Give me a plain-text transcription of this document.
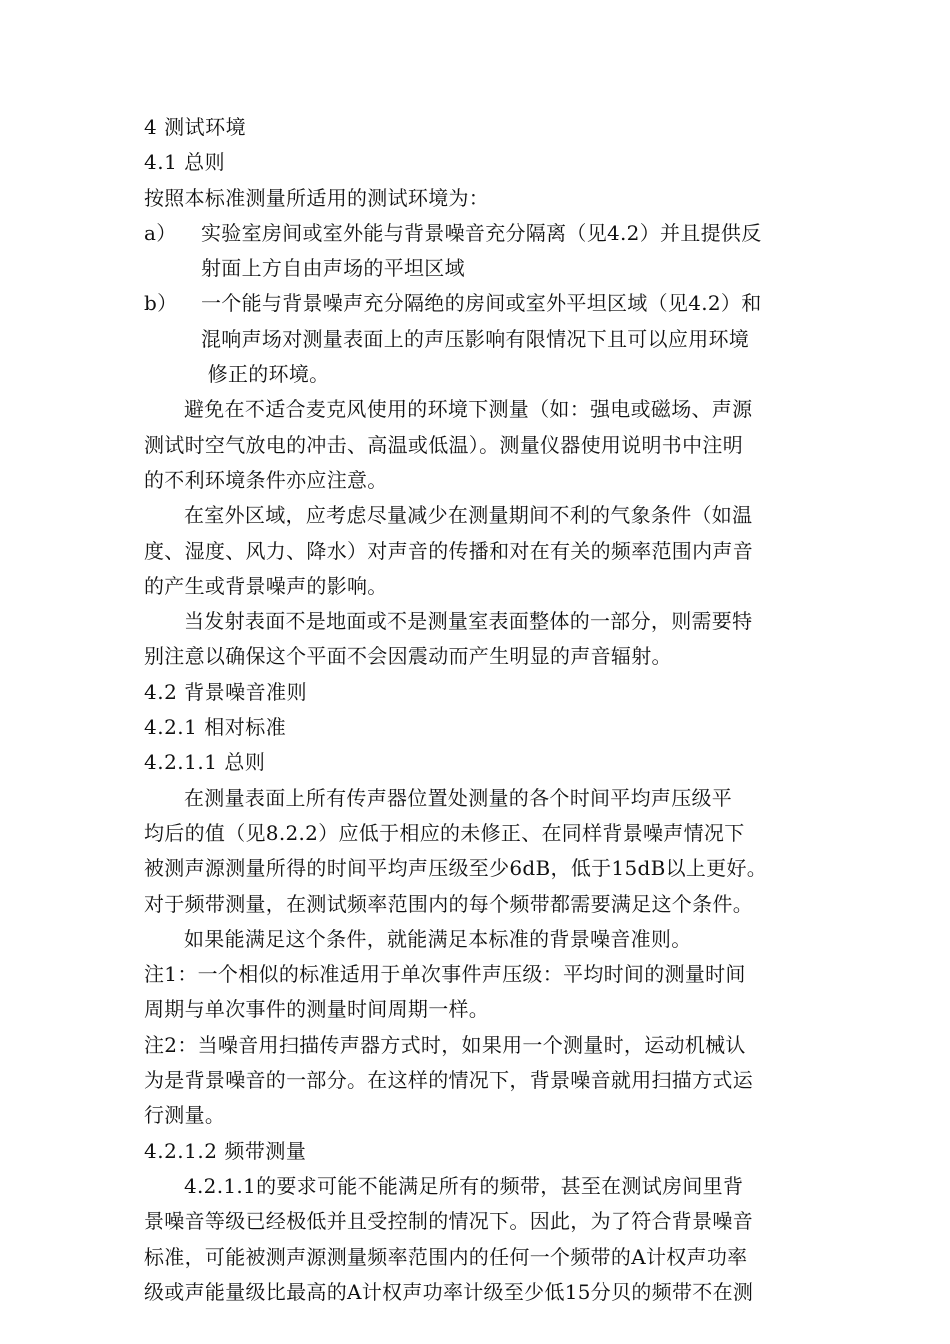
4 测试环境
4.1 总则
按照本标准测量所适用的测试环境为：
a） 实验室房间或室外能与背景噪音充分隔离（见4.2）并且提供反
射面上方自由声场的平坦区域
b） 一个能与背景噪声充分隔绝的房间或室外平坦区域（见4.2）和
混响声场对测量表面上的声压影响有限情况下且可以应用环境
修正的环境。
避免在不适合麦克风使用的环境下测量（如：强电或磁场、声源
测试时空气放电的冲击、高温或低温）。测量仪器使用说明书中注明
的不利环境条件亦应注意。
在室外区域，应考虑尽量减少在测量期间不利的气象条件（如温
度、湿度、风力、降水）对声音的传播和对在有关的频率范围内声音
的产生或背景噪声的影响。
当发射表面不是地面或不是测量室表面整体的一部分，则需要特
别注意以确保这个平面不会因震动而产生明显的声音辐射。
4.2 背景噪音准则
4.2.1 相对标准
4.2.1.1 总则
在测量表面上所有传声器位置处测量的各个时间平均声压级平
均后的值（见8.2.2）应低于相应的未修正、在同样背景噪声情况下
被测声源测量所得的时间平均声压级至少6dB，低于15dB以上更好。
对于频带测量，在测试频率范围内的每个频带都需要满足这个条件。
如果能满足这个条件，就能满足本标准的背景噪音准则。
注1：一个相似的标准适用于单次事件声压级：平均时间的测量时间
周期与单次事件的测量时间周期一样。
注2：当噪音用扫描传声器方式时，如果用一个测量时，运动机械认
为是背景噪音的一部分。在这样的情况下，背景噪音就用扫描方式运
行测量。
4.2.1.2 频带测量
4.2.1.1的要求可能不能满足所有的频带，甚至在测试房间里背
景噪音等级已经极低并且受控制的情况下。因此，为了符合背景噪音
标准，可能被测声源测量频率范围内的任何一个频带的A计权声功率
级或声能量级比最高的A计权声功率计级至少低15分贝的频带不在测
